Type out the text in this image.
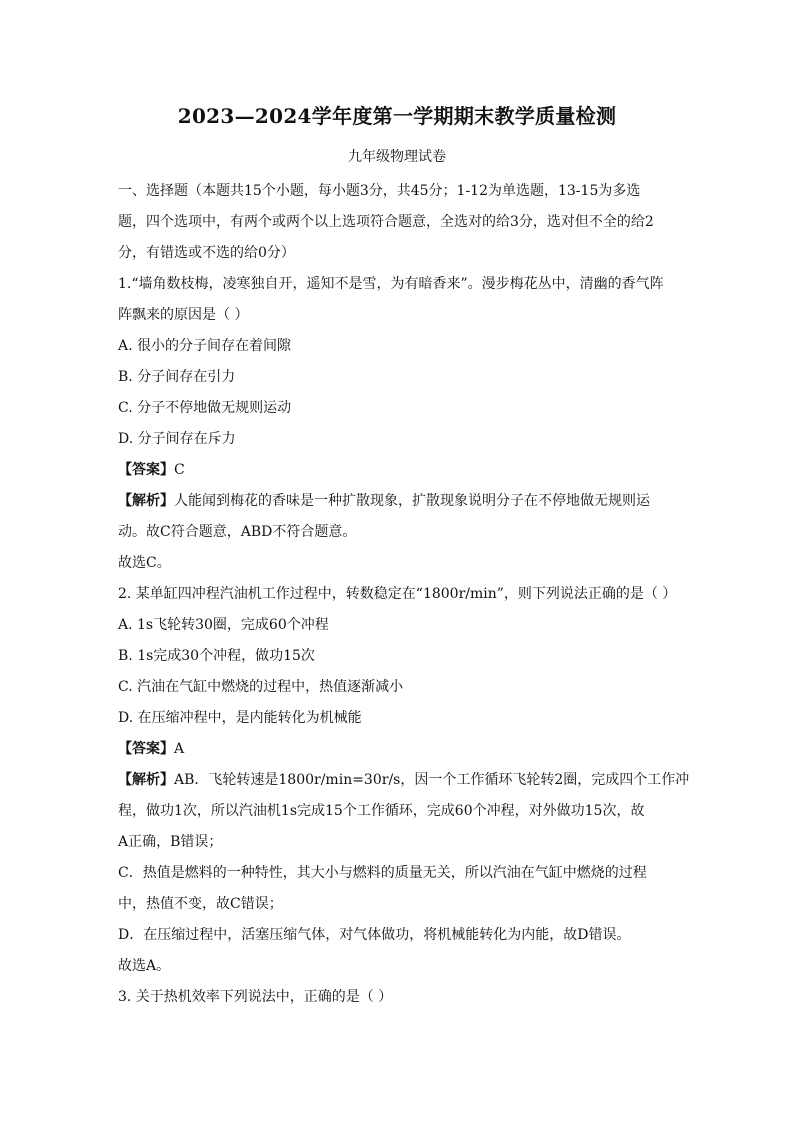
2023—2024学年度第一学期期末教学质量检测
九年级物理试卷
一、选择题（本题共15个小题，每小题3分，共45分；1-12为单选题，13-15为多选
题，四个选项中，有两个或两个以上选项符合题意，全选对的给3分，选对但不全的给2
分，有错选或不选的给0分）
1.“墙角数枝梅，凌寒独自开，遥知不是雪，为有暗香来”。漫步梅花丛中，清幽的香气阵
阵飘来的原因是（ ）
A. 很小的分子间存在着间隙
B. 分子间存在引力
C. 分子不停地做无规则运动
D. 分子间存在斥力
【答案】C
【解析】人能闻到梅花的香味是一种扩散现象，扩散现象说明分子在不停地做无规则运
动。故C符合题意，ABD不符合题意。
故选C。
2. 某单缸四冲程汽油机工作过程中，转数稳定在“1800r/min”，则下列说法正确的是（ ）
A. 1s飞轮转30圈，完成60个冲程
B. 1s完成30个冲程，做功15次
C. 汽油在气缸中燃烧的过程中，热值逐渐减小
D. 在压缩冲程中，是内能转化为机械能
【答案】A
【解析】AB．飞轮转速是1800r/min=30r/s，因一个工作循环飞轮转2圈，完成四个工作冲
程，做功1次，所以汽油机1s完成15个工作循环，完成60个冲程，对外做功15次，故
A正确，B错误；
C．热值是燃料的一种特性，其大小与燃料的质量无关，所以汽油在气缸中燃烧的过程
中，热值不变，故C错误；
D．在压缩过程中，活塞压缩气体，对气体做功，将机械能转化为内能，故D错误。
故选A。
3. 关于热机效率下列说法中，正确的是（ ）
